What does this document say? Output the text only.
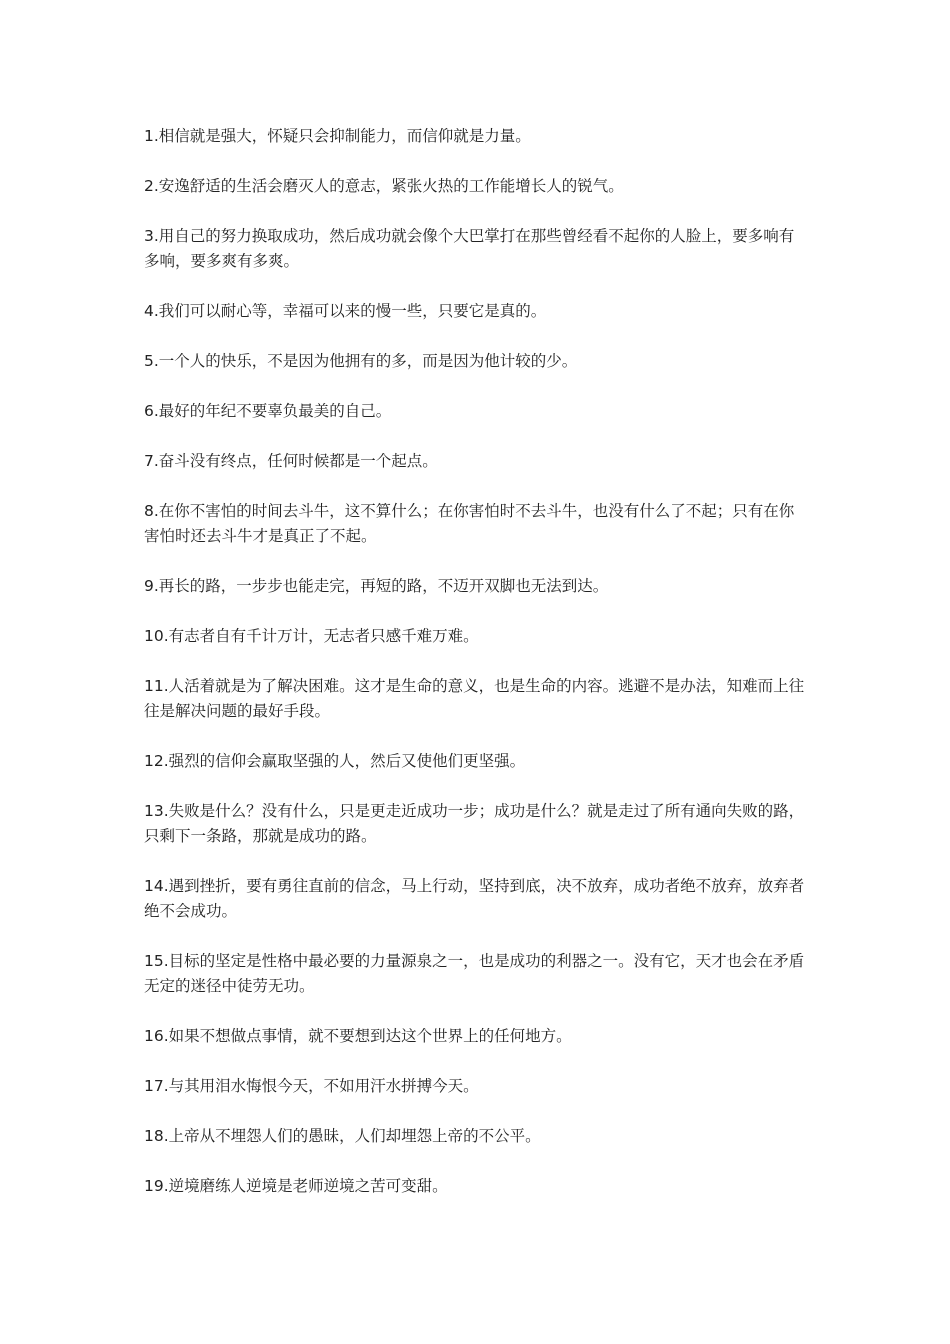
1.相信就是强大，怀疑只会抑制能力，而信仰就是力量。

2.安逸舒适的生活会磨灭人的意志，紧张火热的工作能增长人的锐气。

3.用自己的努力换取成功，然后成功就会像个大巴掌打在那些曾经看不起你的人脸上，要多响有多响，要多爽有多爽。

4.我们可以耐心等，幸福可以来的慢一些，只要它是真的。

5.一个人的快乐，不是因为他拥有的多，而是因为他计较的少。

6.最好的年纪不要辜负最美的自己。

7.奋斗没有终点，任何时候都是一个起点。

8.在你不害怕的时间去斗牛，这不算什么；在你害怕时不去斗牛，也没有什么了不起；只有在你害怕时还去斗牛才是真正了不起。

9.再长的路，一步步也能走完，再短的路，不迈开双脚也无法到达。

10.有志者自有千计万计，无志者只感千难万难。

11.人活着就是为了解决困难。这才是生命的意义，也是生命的内容。逃避不是办法，知难而上往往是解决问题的最好手段。

12.强烈的信仰会赢取坚强的人，然后又使他们更坚强。

13.失败是什么？没有什么，只是更走近成功一步；成功是什么？就是走过了所有通向失败的路，只剩下一条路，那就是成功的路。

14.遇到挫折，要有勇往直前的信念，马上行动，坚持到底，决不放弃，成功者绝不放弃，放弃者绝不会成功。

15.目标的坚定是性格中最必要的力量源泉之一，也是成功的利器之一。没有它，天才也会在矛盾无定的迷径中徒劳无功。

16.如果不想做点事情，就不要想到达这个世界上的任何地方。

17.与其用泪水悔恨今天，不如用汗水拼搏今天。

18.上帝从不埋怨人们的愚昧，人们却埋怨上帝的不公平。

19.逆境磨练人逆境是老师逆境之苦可变甜。
